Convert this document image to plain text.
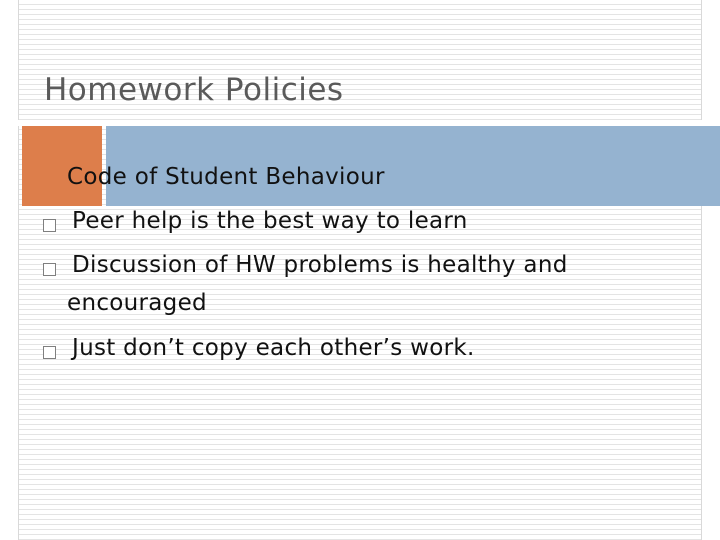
Homework Policies
Code of Student Behaviour
Peer help is the best way to learn
Discussion of HW problems is healthy and
encouraged
Just don’t copy each other’s work.
